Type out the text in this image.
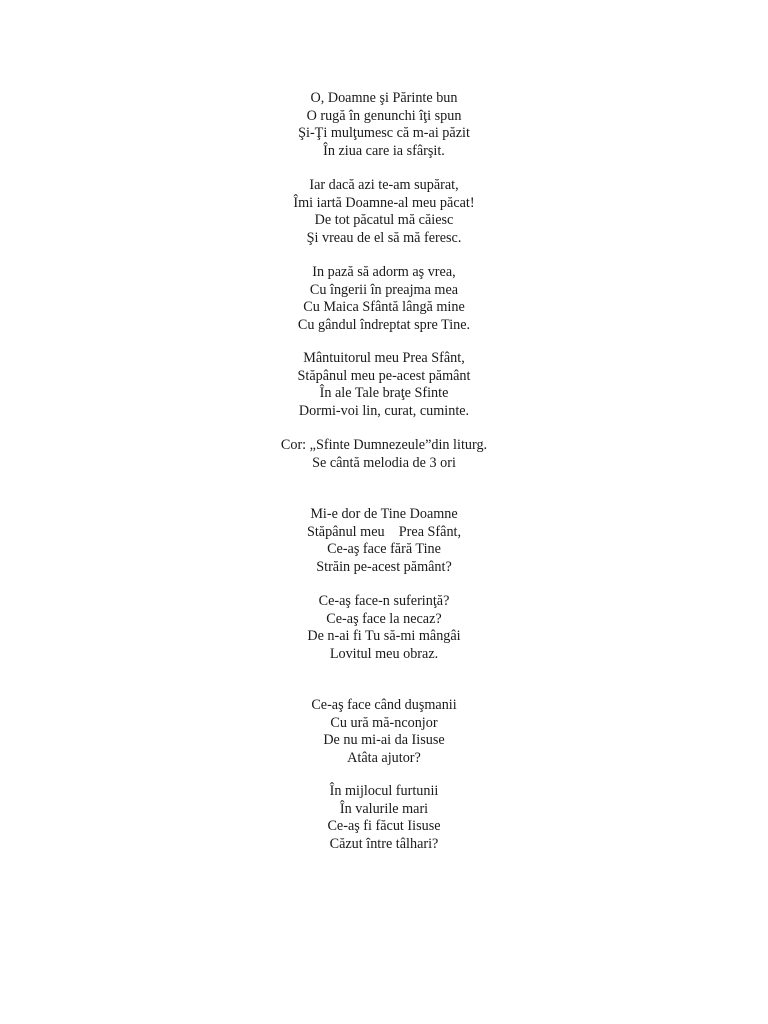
O, Doamne şi Părinte bun
O rugă în genunchi îţi spun
Şi-Ţi mulţumesc că m-ai păzit
În ziua care ia sfârşit.
Iar dacă azi te-am supărat,
Îmi iartă Doamne-al meu păcat!
De tot păcatul mă căiesc
Şi vreau de el să mă feresc.
In pază să adorm aş vrea,
Cu îngerii în preajma mea
Cu Maica Sfântă lângă mine
Cu gândul îndreptat spre Tine.
Mântuitorul meu Prea Sfânt,
Stăpânul meu pe-acest pământ
În ale Tale braţe Sfinte
Dormi-voi lin, curat, cuminte.
Cor: „Sfinte Dumnezeule”din liturg.
Se cântă melodia de 3 ori
Mi-e dor de Tine Doamne
Stăpânul meu    Prea Sfânt,
Ce-aş face fără Tine
Străin pe-acest pământ?
Ce-aş face-n suferinţă?
Ce-aş face la necaz?
De n-ai fi Tu să-mi mângâi
Lovitul meu obraz.
Ce-aş face când duşmanii
Cu ură mă-nconjor
De nu mi-ai da Iisuse
Atâta ajutor?
În mijlocul furtunii
În valurile mari
Ce-aş fi făcut Iisuse
Căzut între tâlhari?
